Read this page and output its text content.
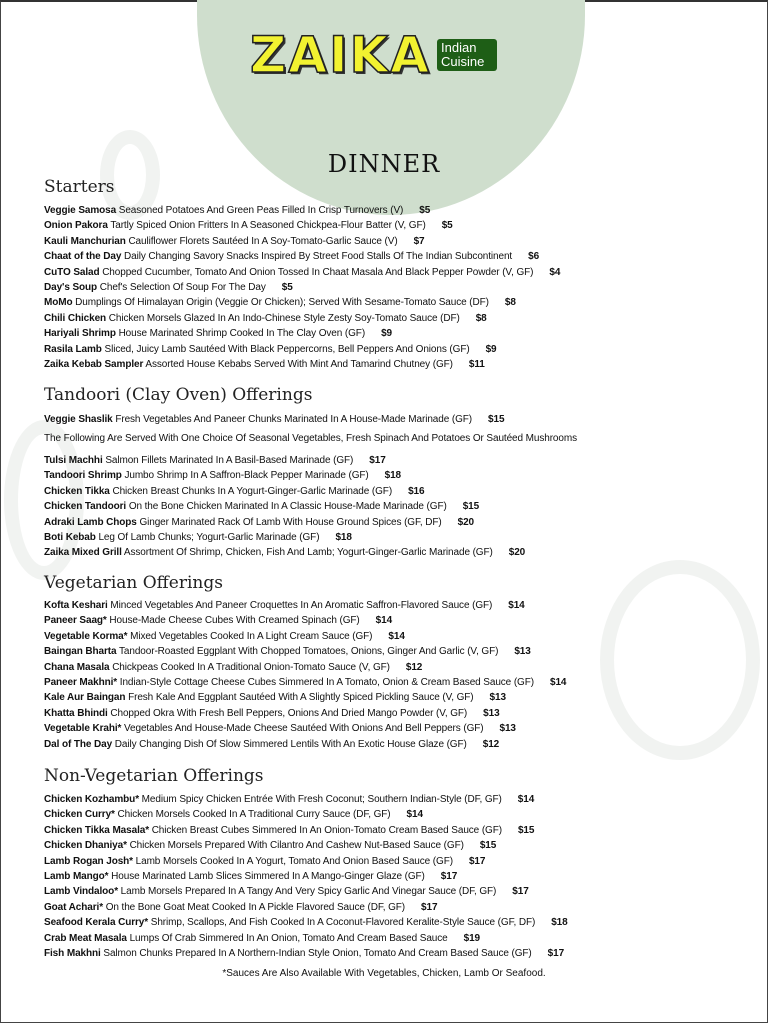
ZAIKA Indian
Cuisine
DINNER
Starters
Veggie Samosa Seasoned Potatoes And Green Peas Filled In Crisp Turnovers (V) $5
Onion Pakora Tartly Spiced Onion Fritters In A Seasoned Chickpea-Flour Batter (V, GF) $5
Kauli Manchurian Cauliflower Florets Sautéed In A Soy-Tomato-Garlic Sauce (V) $7
Chaat of the Day Daily Changing Savory Snacks Inspired By Street Food Stalls Of The Indian Subcontinent $6
CuTO Salad Chopped Cucumber, Tomato And Onion Tossed In Chaat Masala And Black Pepper Powder (V, GF) $4
Day's Soup Chef's Selection Of Soup For The Day $5
MoMo Dumplings Of Himalayan Origin (Veggie Or Chicken); Served With Sesame-Tomato Sauce (DF) $8
Chili Chicken Chicken Morsels Glazed In An Indo-Chinese Style Zesty Soy-Tomato Sauce (DF) $8
Hariyali Shrimp House Marinated Shrimp Cooked In The Clay Oven (GF) $9
Rasila Lamb Sliced, Juicy Lamb Sautéed With Black Peppercorns, Bell Peppers And Onions (GF) $9
Zaika Kebab Sampler Assorted House Kebabs Served With Mint And Tamarind Chutney (GF) $11
Tandoori (Clay Oven) Offerings
Veggie Shaslik Fresh Vegetables And Paneer Chunks Marinated In A House-Made Marinade (GF) $15
The Following Are Served With One Choice Of Seasonal Vegetables, Fresh Spinach And Potatoes Or Sautéed Mushrooms
Tulsi Machhi Salmon Fillets Marinated In A Basil-Based Marinade (GF) $17
Tandoori Shrimp Jumbo Shrimp In A Saffron-Black Pepper Marinade (GF) $18
Chicken Tikka Chicken Breast Chunks In A Yogurt-Ginger-Garlic Marinade (GF) $16
Chicken Tandoori On the Bone Chicken Marinated In A Classic House-Made Marinade (GF) $15
Adraki Lamb Chops Ginger Marinated Rack Of Lamb With House Ground Spices (GF, DF) $20
Boti Kebab Leg Of Lamb Chunks; Yogurt-Garlic Marinade (GF) $18
Zaika Mixed Grill Assortment Of Shrimp, Chicken, Fish And Lamb; Yogurt-Ginger-Garlic Marinade (GF) $20
Vegetarian Offerings
Kofta Keshari Minced Vegetables And Paneer Croquettes In An Aromatic Saffron-Flavored Sauce (GF) $14
Paneer Saag* House-Made Cheese Cubes With Creamed Spinach (GF) $14
Vegetable Korma* Mixed Vegetables Cooked In A Light Cream Sauce (GF) $14
Baingan Bharta Tandoor-Roasted Eggplant With Chopped Tomatoes, Onions, Ginger And Garlic (V, GF) $13
Chana Masala Chickpeas Cooked In A Traditional Onion-Tomato Sauce (V, GF) $12
Paneer Makhni* Indian-Style Cottage Cheese Cubes Simmered In A Tomato, Onion & Cream Based Sauce (GF) $14
Kale Aur Baingan Fresh Kale And Eggplant Sautéed With A Slightly Spiced Pickling Sauce (V, GF) $13
Khatta Bhindi Chopped Okra With Fresh Bell Peppers, Onions And Dried Mango Powder (V, GF) $13
Vegetable Krahi* Vegetables And House-Made Cheese Sautéed With Onions And Bell Peppers (GF) $13
Dal of The Day Daily Changing Dish Of Slow Simmered Lentils With An Exotic House Glaze (GF) $12
Non-Vegetarian Offerings
Chicken Kozhambu* Medium Spicy Chicken Entrée With Fresh Coconut; Southern Indian-Style (DF, GF) $14
Chicken Curry* Chicken Morsels Cooked In A Traditional Curry Sauce (DF, GF) $14
Chicken Tikka Masala* Chicken Breast Cubes Simmered In An Onion-Tomato Cream Based Sauce (GF) $15
Chicken Dhaniya* Chicken Morsels Prepared With Cilantro And Cashew Nut-Based Sauce (GF) $15
Lamb Rogan Josh* Lamb Morsels Cooked In A Yogurt, Tomato And Onion Based Sauce (GF) $17
Lamb Mango* House Marinated Lamb Slices Simmered In A Mango-Ginger Glaze (GF) $17
Lamb Vindaloo* Lamb Morsels Prepared In A Tangy And Very Spicy Garlic And Vinegar Sauce (DF, GF) $17
Goat Achari* On the Bone Goat Meat Cooked In A Pickle Flavored Sauce (DF, GF) $17
Seafood Kerala Curry* Shrimp, Scallops, And Fish Cooked In A Coconut-Flavored Keralite-Style Sauce (GF, DF) $18
Crab Meat Masala Lumps Of Crab Simmered In An Onion, Tomato And Cream Based Sauce $19
Fish Makhni Salmon Chunks Prepared In A Northern-Indian Style Onion, Tomato And Cream Based Sauce (GF) $17
*Sauces Are Also Available With Vegetables, Chicken, Lamb Or Seafood.
